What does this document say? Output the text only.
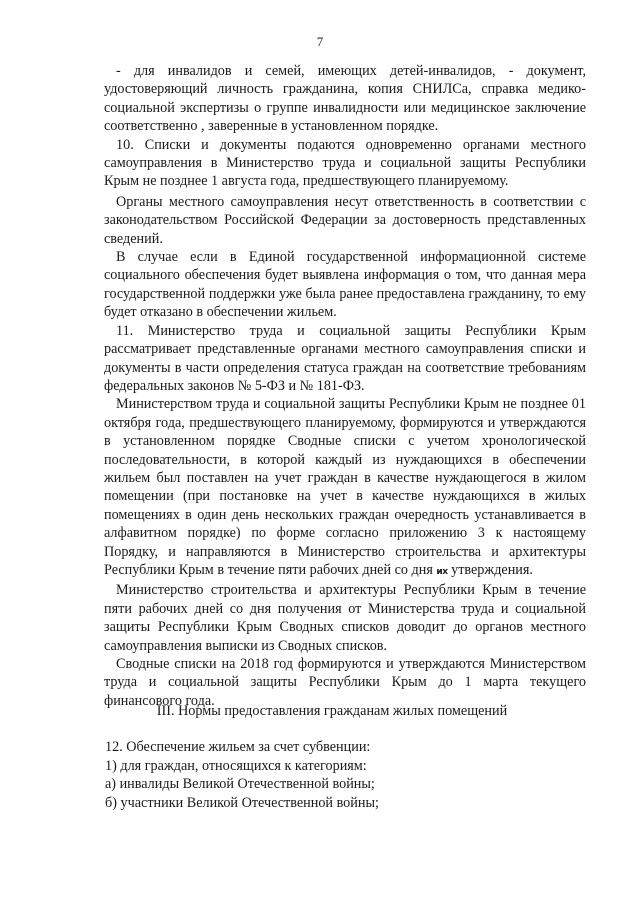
7

- для инвалидов и семей, имеющих детей-инвалидов, - документ, удостоверяющий личность гражданина, копия СНИЛСа, справка медико-социальной экспертизы о группе инвалидности или медицинское заключение соответственно , заверенные в установленном порядке.

10. Списки и документы подаются одновременно органами местного самоуправления в Министерство труда и социальной защиты Республики Крым не позднее 1 августа года, предшествующего планируемому.

Органы местного самоуправления несут ответственность в соответствии с законодательством Российской Федерации за достоверность представленных сведений.

В случае если в Единой государственной информационной системе социального обеспечения будет выявлена информация о том, что данная мера государственной поддержки уже была ранее предоставлена гражданину, то ему будет отказано в обеспечении жильем.

11. Министерство труда и социальной защиты Республики Крым рассматривает представленные органами местного самоуправления списки и документы в части определения статуса граждан на соответствие требованиям федеральных законов № 5-ФЗ и № 181-ФЗ.

Министерством труда и социальной защиты Республики Крым не позднее 01 октября года, предшествующего планируемому, формируются и утверждаются в установленном порядке Сводные списки с учетом хронологической последовательности, в которой каждый из нуждающихся в обеспечении жильем был поставлен на учет граждан в качестве нуждающегося в жилом помещении (при постановке на учет в качестве нуждающихся в жилых помещениях в один день нескольких граждан очередность устанавливается в алфавитном порядке) по форме согласно приложению 3 к настоящему Порядку, и направляются в Министерство строительства и архитектуры Республики Крым в течение пяти рабочих дней со дня их утверждения.

Министерство строительства и архитектуры Республики Крым в течение пяти рабочих дней со дня получения от Министерства труда и социальной защиты Республики Крым Сводных списков доводит до органов местного самоуправления выписки из Сводных списков.

Сводные списки на 2018 год формируются и утверждаются Министерством труда и социальной защиты Республики Крым до 1 марта текущего финансового года.

III. Нормы предоставления гражданам жилых помещений

12. Обеспечение жильем за счет субвенции:

1) для граждан, относящихся к категориям:

а) инвалиды Великой Отечественной войны;

б) участники Великой Отечественной войны;
